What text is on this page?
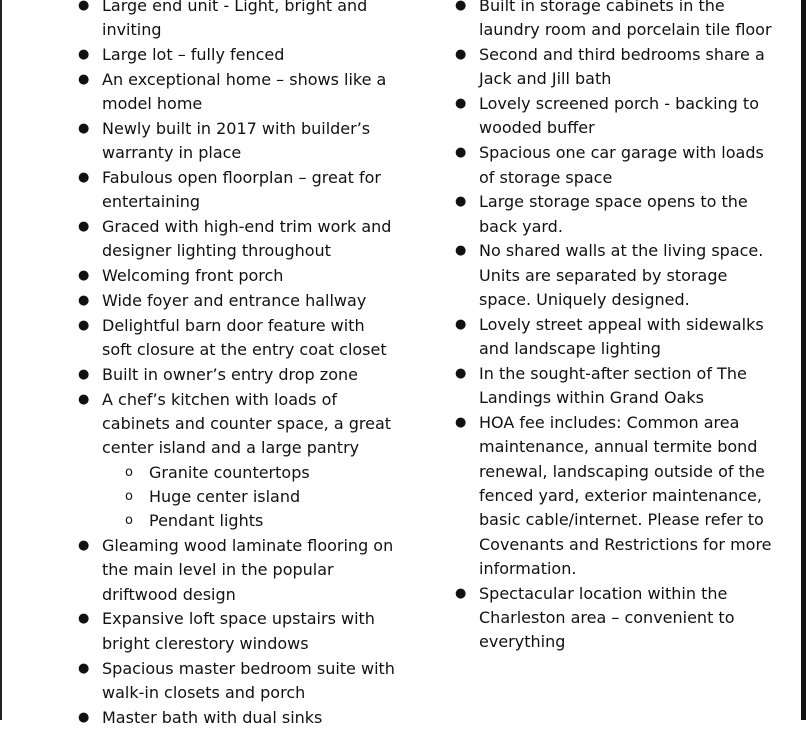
● Large end unit - Light, bright and inviting
● Large lot – fully fenced
● An exceptional home – shows like a model home
● Newly built in 2017 with builder’s warranty in place
● Fabulous open floorplan – great for entertaining
● Graced with high-end trim work and designer lighting throughout
● Welcoming front porch
● Wide foyer and entrance hallway
● Delightful barn door feature with soft closure at the entry coat closet
● Built in owner’s entry drop zone
● A chef’s kitchen with loads of cabinets and counter space, a great center island and a large pantry
o Granite countertops
o Huge center island
o Pendant lights
● Gleaming wood laminate flooring on the main level in the popular driftwood design
● Expansive loft space upstairs with bright clerestory windows
● Spacious master bedroom suite with walk-in closets and porch
● Master bath with dual sinks
● Built in storage cabinets in the laundry room and porcelain tile floor
● Second and third bedrooms share a Jack and Jill bath
● Lovely screened porch - backing to wooded buffer
● Spacious one car garage with loads of storage space
● Large storage space opens to the back yard.
● No shared walls at the living space. Units are separated by storage space. Uniquely designed.
● Lovely street appeal with sidewalks and landscape lighting
● In the sought-after section of The Landings within Grand Oaks
● HOA fee includes: Common area maintenance, annual termite bond renewal, landscaping outside of the fenced yard, exterior maintenance, basic cable/internet. Please refer to Covenants and Restrictions for more information.
● Spectacular location within the Charleston area – convenient to everything
